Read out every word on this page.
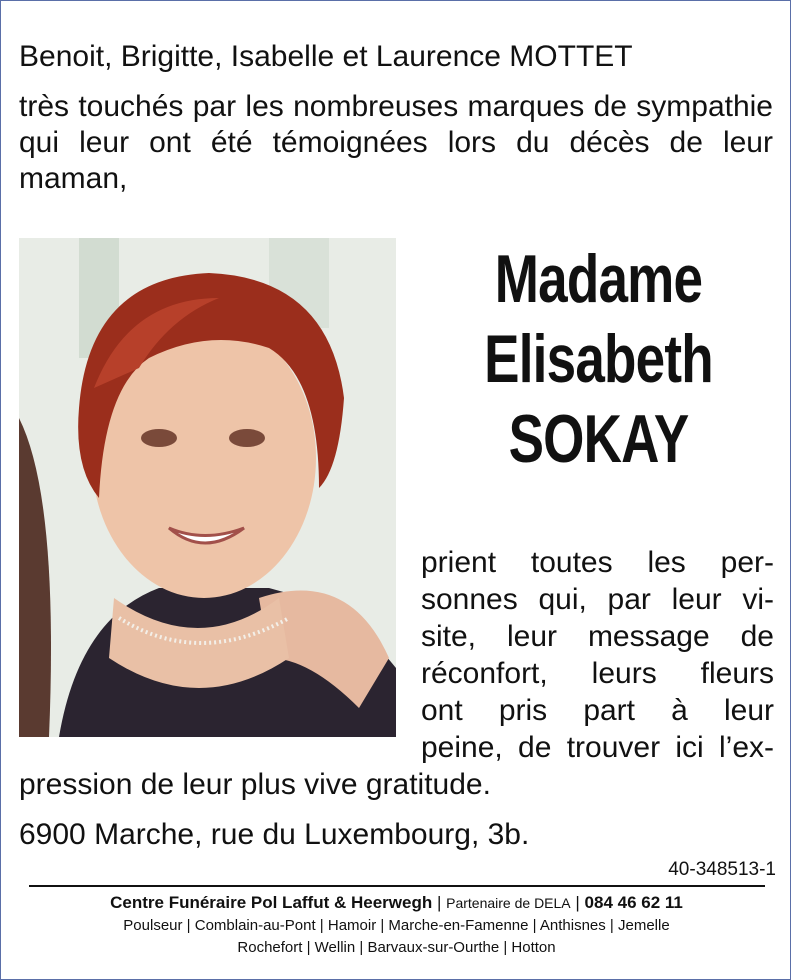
Benoit, Brigitte, Isabelle et Laurence MOTTET
très touchés par les nombreuses marques de sympathie qui leur ont été témoignées lors du décès de leur maman,
Madame
Elisabeth
SOKAY
prient toutes les per-
sonnes qui, par leur vi-
site, leur message de
réconfort, leurs fleurs
ont pris part à leur
peine, de trouver ici l’ex-
pression de leur plus vive gratitude.
6900 Marche, rue du Luxembourg, 3b.
40-348513-1
Centre Funéraire Pol Laffut & Heerwegh | Partenaire de DELA | 084 46 62 11
Poulseur | Comblain-au-Pont | Hamoir | Marche-en-Famenne | Anthisnes | Jemelle
Rochefort | Wellin | Barvaux-sur-Ourthe | Hotton
